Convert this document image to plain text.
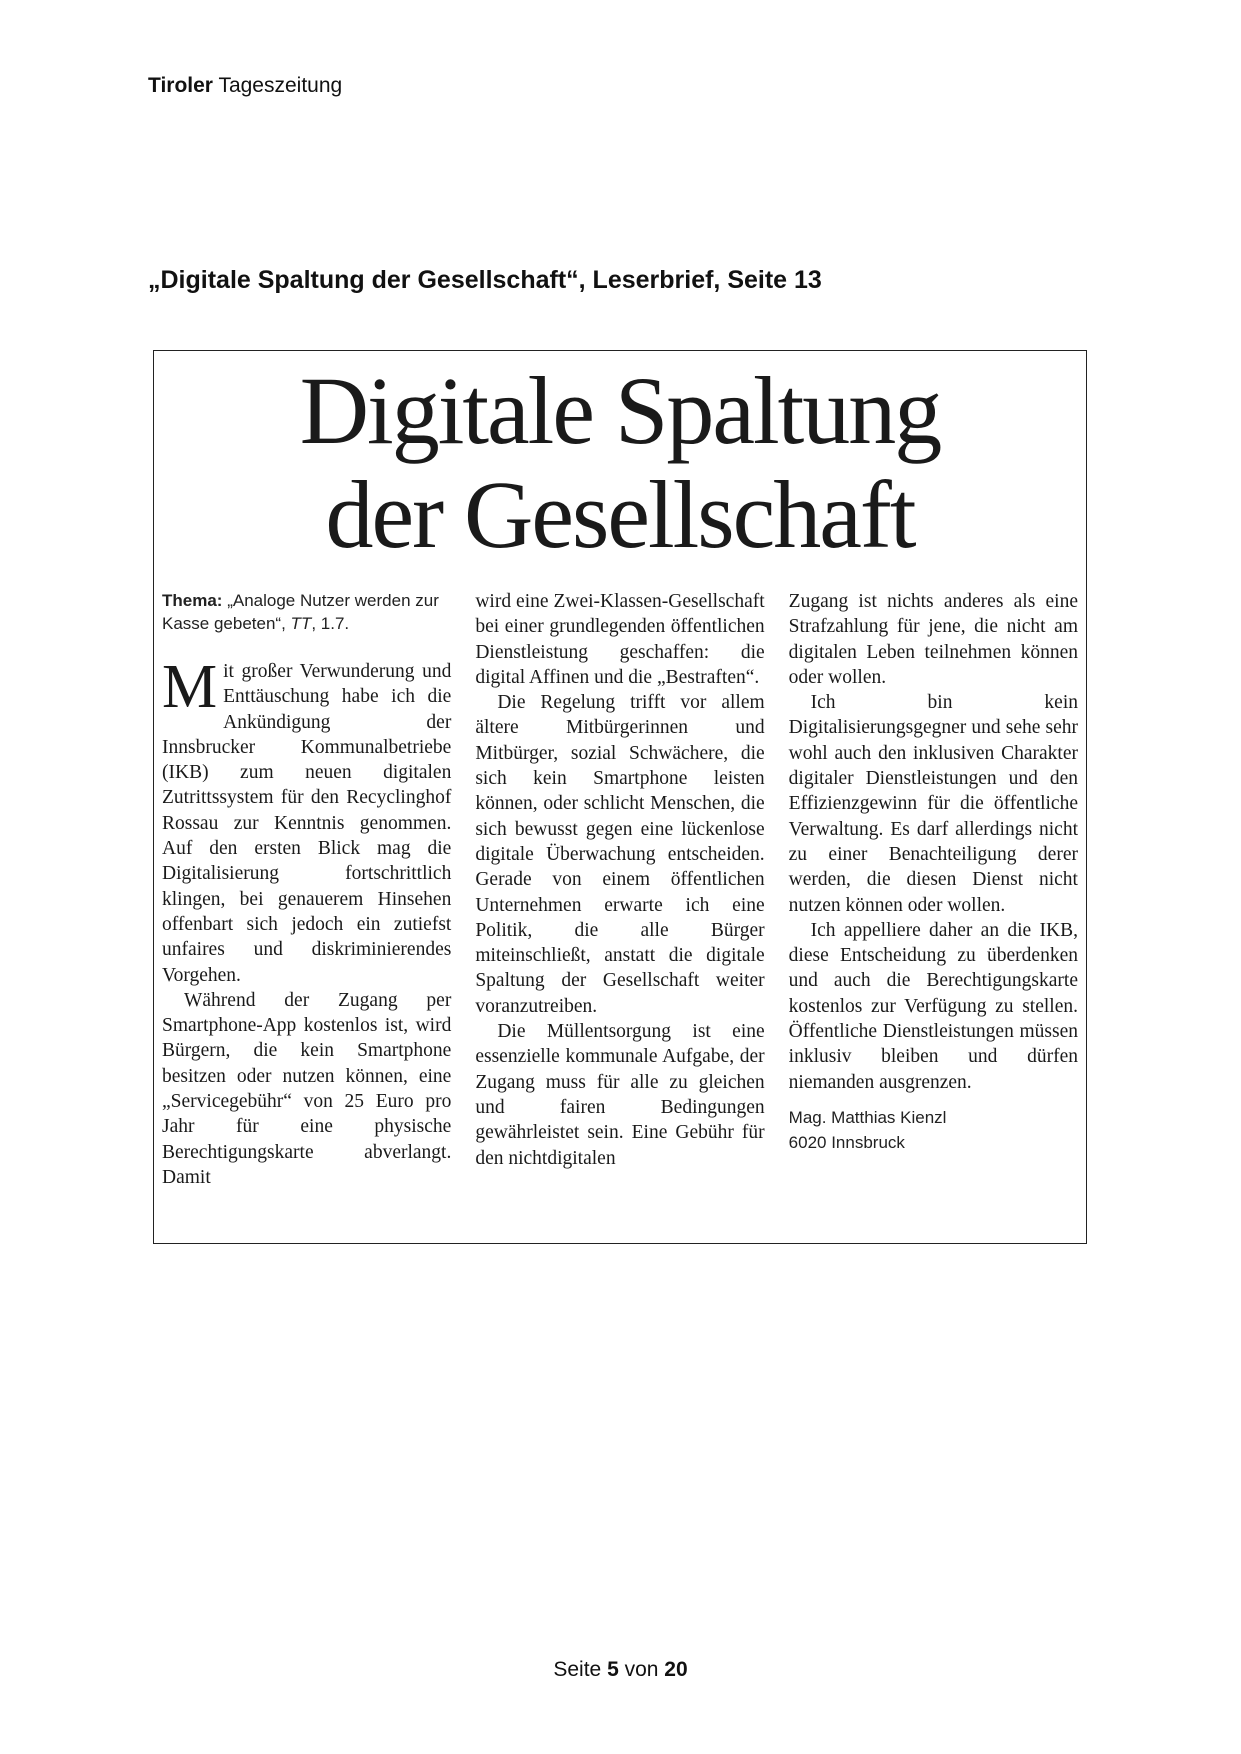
Tiroler Tageszeitung
„Digitale Spaltung der Gesellschaft“, Leserbrief, Seite 13
Digitale Spaltung
der Gesellschaft
Thema: „Analoge Nutzer werden zur Kasse gebeten“, TT, 1.7.

Mit großer Verwunderung und Enttäuschung habe ich die Ankündigung der Innsbrucker Kommunalbetriebe (IKB) zum neuen digitalen Zutrittssystem für den Recyclinghof Rossau zur Kenntnis genommen. Auf den ersten Blick mag die Digitalisierung fortschrittlich klingen, bei genauerem Hinsehen offenbart sich jedoch ein zutiefst unfaires und diskriminierendes Vorgehen.

Während der Zugang per Smartphone-App kostenlos ist, wird Bürgern, die kein Smartphone besitzen oder nutzen können, eine „Servicegebühr“ von 25 Euro pro Jahr für eine physische Berechtigungskarte abverlangt. Damit

wird eine Zwei-Klassen-Gesellschaft bei einer grundlegenden öffentlichen Dienstleistung geschaffen: die digital Affinen und die „Bestraften“.

Die Regelung trifft vor allem ältere Mitbürgerinnen und Mitbürger, sozial Schwächere, die sich kein Smartphone leisten können, oder schlicht Menschen, die sich bewusst gegen eine lückenlose digitale Überwachung entscheiden. Gerade von einem öffentlichen Unternehmen erwarte ich eine Politik, die alle Bürger miteinschließt, anstatt die digitale Spaltung der Gesellschaft weiter voranzutreiben.

Die Müllentsorgung ist eine essenzielle kommunale Aufgabe, der Zugang muss für alle zu gleichen und fairen Bedingungen gewährleistet sein. Eine Gebühr für den nichtdigitalen

Zugang ist nichts anderes als eine Strafzahlung für jene, die nicht am digitalen Leben teilnehmen können oder wollen.

Ich bin kein Digitalisierungsgegner und sehe sehr wohl auch den inklusiven Charakter digitaler Dienstleistungen und den Effizienzgewinn für die öffentliche Verwaltung. Es darf allerdings nicht zu einer Benachteiligung derer werden, die diesen Dienst nicht nutzen können oder wollen.

Ich appelliere daher an die IKB, diese Entscheidung zu überdenken und auch die Berechtigungskarte kostenlos zur Verfügung zu stellen. Öffentliche Dienstleistungen müssen inklusiv bleiben und dürfen niemanden ausgrenzen.

Mag. Matthias Kienzl
6020 Innsbruck
Seite 5 von 20
